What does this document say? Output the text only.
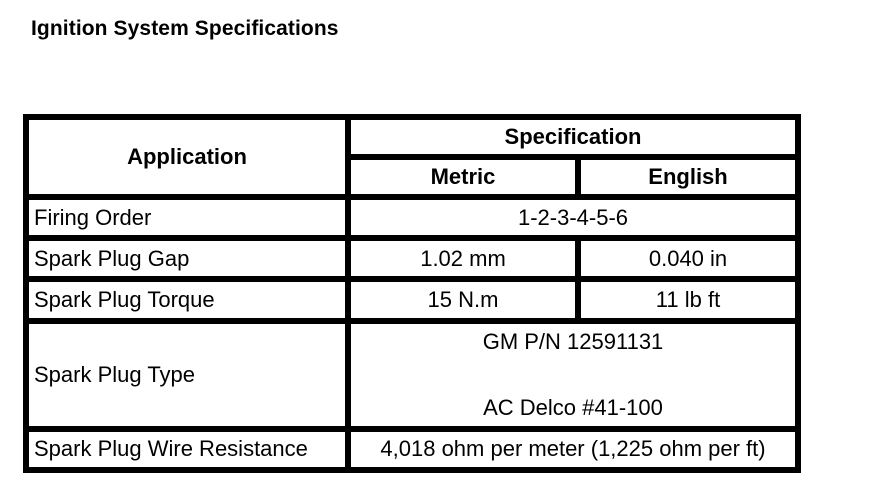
Ignition System Specifications
Application	Specification	
	Metric	English
Firing Order	1-2-3-4-5-6	
Spark Plug Gap	1.02 mm	0.040 in
Spark Plug Torque	15 N.m	11 lb ft
Spark Plug Type	GM P/N 12591131
AC Delco #41-100	

Spark Plug Wire Resistance	4,018 ohm per meter (1,225 ohm per ft)	
